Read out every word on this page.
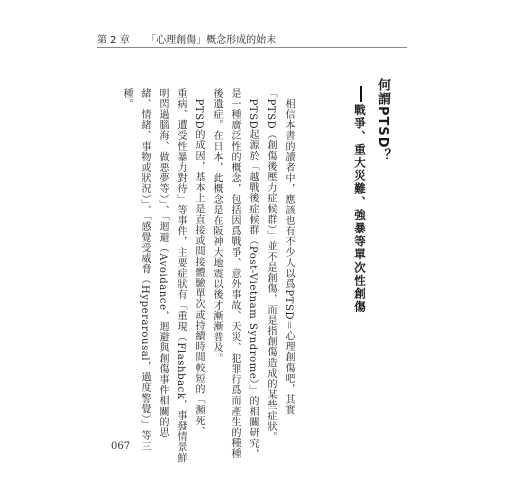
第 2 章 　 「心理創傷」概念形成的始末
何謂PTSD？
戰爭、重大災難、強暴等單次性創傷
　相信本書的讀者中，應該也有不少人以爲PTSD＝心理創傷吧，其實
「PTSD（創傷後壓力症候群）」並不是創傷，而是指創傷造成的某些症狀。
　PTSD起源於「越戰後症候群（Post-Vietnam Syndrome）」的相關研究，
是一種廣泛性的概念，包括因爲戰爭、意外事故、天災、犯罪行爲而產生的種種
後遺症。在日本，此概念是在阪神大地震以後才漸漸普及。
　PTSD的成因，基本上是直接或間接體驗單次或持續時間較短的「瀕死、
重病、遭受性暴力對待」等事件，主要症狀有「重現（Flashback，事發情景鮮
明閃過腦海、做惡夢等）」、「迴避（Avoidance，迴避與創傷事件相關的思
緒、情緒、事物或狀況）」、「感覺受威脅（Hyperarousal，過度警覺）」等三
種。
067
